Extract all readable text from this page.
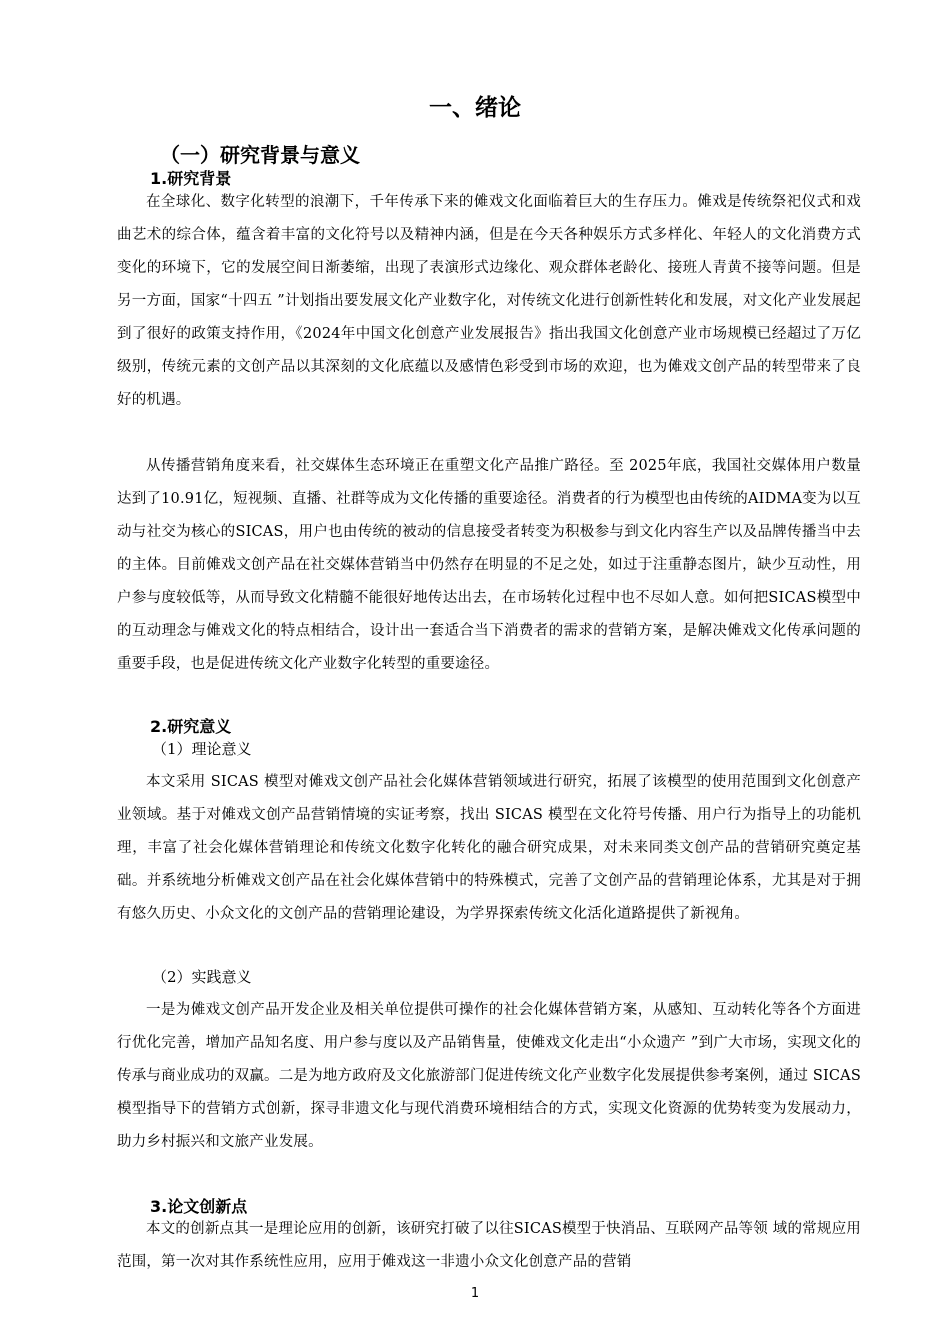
一、绪论
（一）研究背景与意义
1.研究背景
在全球化、数字化转型的浪潮下，千年传承下来的傩戏文化面临着巨大的生存压力。傩戏是传统祭祀仪式和戏曲艺术的综合体，蕴含着丰富的文化符号以及精神内涵，但是在今天各种娱乐方式多样化、年轻人的文化消费方式变化的环境下，它的发展空间日渐萎缩，出现了表演形式边缘化、观众群体老龄化、接班人青黄不接等问题。但是另一方面，国家“十四五 ”计划指出要发展文化产业数字化，对传统文化进行创新性转化和发展，对文化产业发展起到了很好的政策支持作用，《2024年中国文化创意产业发展报告》指出我国文化创意产业市场规模已经超过了万亿级别，传统元素的文创产品以其深刻的文化底蕴以及感情色彩受到市场的欢迎，也为傩戏文创产品的转型带来了良好的机遇。
从传播营销角度来看，社交媒体生态环境正在重塑文化产品推广路径。至 2025年底，我国社交媒体用户数量达到了10.91亿，短视频、直播、社群等成为文化传播的重要途径。消费者的行为模型也由传统的AIDMA变为以互动与社交为核心的SICAS，用户也由传统的被动的信息接受者转变为积极参与到文化内容生产以及品牌传播当中去的主体。目前傩戏文创产品在社交媒体营销当中仍然存在明显的不足之处，如过于注重静态图片，缺少互动性，用户参与度较低等，从而导致文化精髓不能很好地传达出去，在市场转化过程中也不尽如人意。如何把SICAS模型中的互动理念与傩戏文化的特点相结合，设计出一套适合当下消费者的需求的营销方案，是解决傩戏文化传承问题的重要手段，也是促进传统文化产业数字化转型的重要途径。
2.研究意义
（1）理论意义
本文采用 SICAS 模型对傩戏文创产品社会化媒体营销领域进行研究，拓展了该模型的使用范围到文化创意产业领域。基于对傩戏文创产品营销情境的实证考察，找出 SICAS 模型在文化符号传播、用户行为指导上的功能机理，丰富了社会化媒体营销理论和传统文化数字化转化的融合研究成果，对未来同类文创产品的营销研究奠定基础。并系统地分析傩戏文创产品在社会化媒体营销中的特殊模式，完善了文创产品的营销理论体系，尤其是对于拥有悠久历史、小众文化的文创产品的营销理论建设，为学界探索传统文化活化道路提供了新视角。
（2）实践意义
一是为傩戏文创产品开发企业及相关单位提供可操作的社会化媒体营销方案，从感知、互动转化等各个方面进行优化完善，增加产品知名度、用户参与度以及产品销售量，使傩戏文化走出“小众遗产 ”到广大市场，实现文化的传承与商业成功的双赢。二是为地方政府及文化旅游部门促进传统文化产业数字化发展提供参考案例，通过 SICAS 模型指导下的营销方式创新，探寻非遗文化与现代消费环境相结合的方式，实现文化资源的优势转变为发展动力，助力乡村振兴和文旅产业发展。
3.论文创新点
本文的创新点其一是理论应用的创新，该研究打破了以往SICAS模型于快消品、互联网产品等领 域的常规应用范围，第一次对其作系统性应用，应用于傩戏这一非遗小众文化创意产品的营销
1
